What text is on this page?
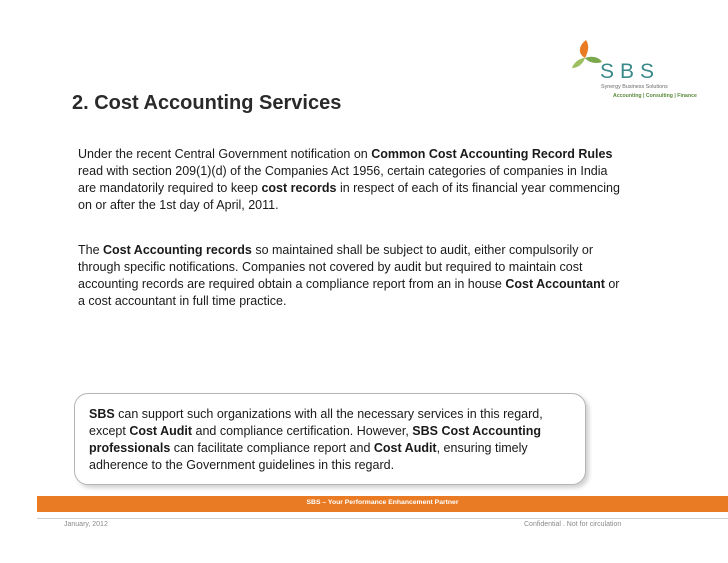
SBS
Synergy Business Solutions
Accounting | Consulting | Finance
2. Cost Accounting Services

Under the recent Central Government notification on Common Cost Accounting Record Rules read with section 209(1)(d) of the Companies Act 1956, certain categories of companies in India are mandatorily required to keep cost records in respect of each of its financial year commencing on or after the 1st day of April, 2011.

The Cost Accounting records so maintained shall be subject to audit, either compulsorily or through specific notifications. Companies not covered by audit but required to maintain cost accounting records are required obtain a compliance report from an in house Cost Accountant or a cost accountant in full time practice.

SBS can support such organizations with all the necessary services in this regard, except Cost Audit and compliance certification. However, SBS Cost Accounting professionals can facilitate compliance report and Cost Audit, ensuring timely adherence to the Government guidelines in this regard.

SBS – Your Performance Enhancement Partner
January, 2012	Confidential . Not for circulation
